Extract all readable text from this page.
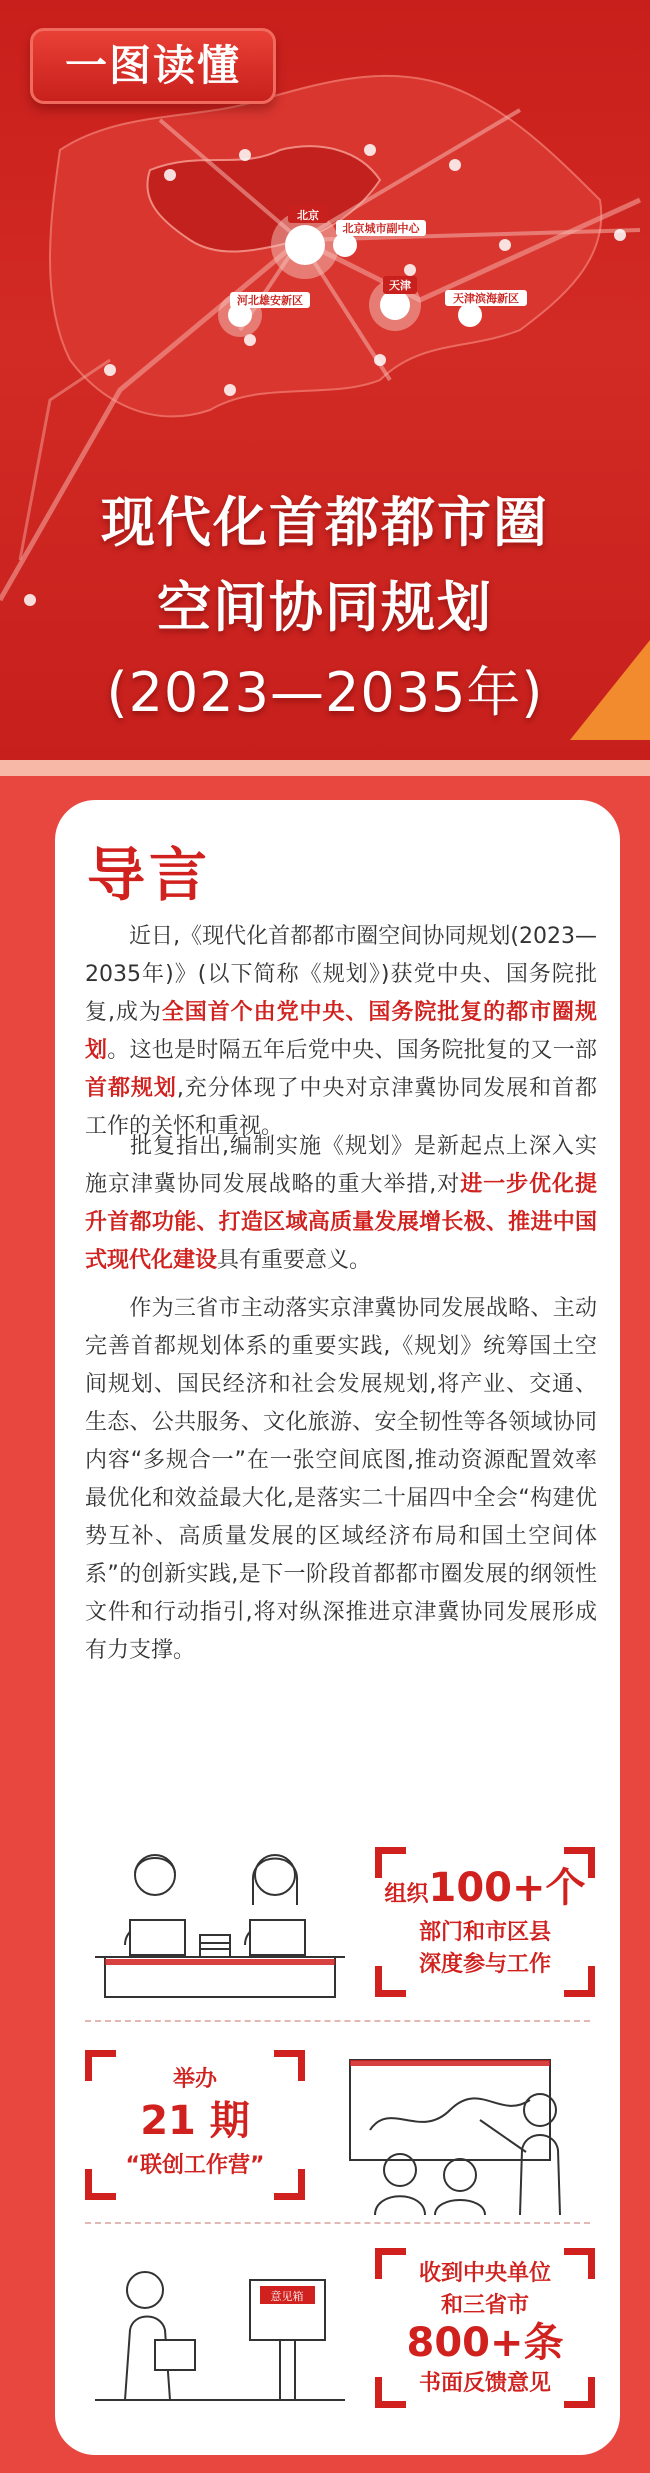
北京
北京城市副中心
天津
河北雄安新区	天津滨海新区
一图读懂
现代化首都都市圈
空间协同规划
(2023—2035年)
导言

  近日,《现代化首都都市圈空间协同规划(2023—2035年)》(以下简称《规划》)获党中央、国务院批复,成为全国首个由党中央、国务院批复的都市圈规划。这也是时隔五年后党中央、国务院批复的又一部首都规划,充分体现了中央对京津冀协同发展和首都工作的关怀和重视。

  批复指出,编制实施《规划》是新起点上深入实施京津冀协同发展战略的重大举措,对进一步优化提升首都功能、打造区域高质量发展增长极、推进中国式现代化建设具有重要意义。

  作为三省市主动落实京津冀协同发展战略、主动完善首都规划体系的重要实践,《规划》统筹国土空间规划、国民经济和社会发展规划,将产业、交通、生态、公共服务、文化旅游、安全韧性等各领域协同内容“多规合一”在一张空间底图,推动资源配置效率最优化和效益最大化,是落实二十届四中全会“构建优势互补、高质量发展的区域经济布局和国土空间体系”的创新实践,是下一阶段首都都市圈发展的纲领性文件和行动指引,将对纵深推进京津冀协同发展形成有力支撑。

组织100+个
部门和市区县
深度参与工作
举办
21 期
“联创工作营”
意见箱
收到中央单位
和三省市
800+条
书面反馈意见
